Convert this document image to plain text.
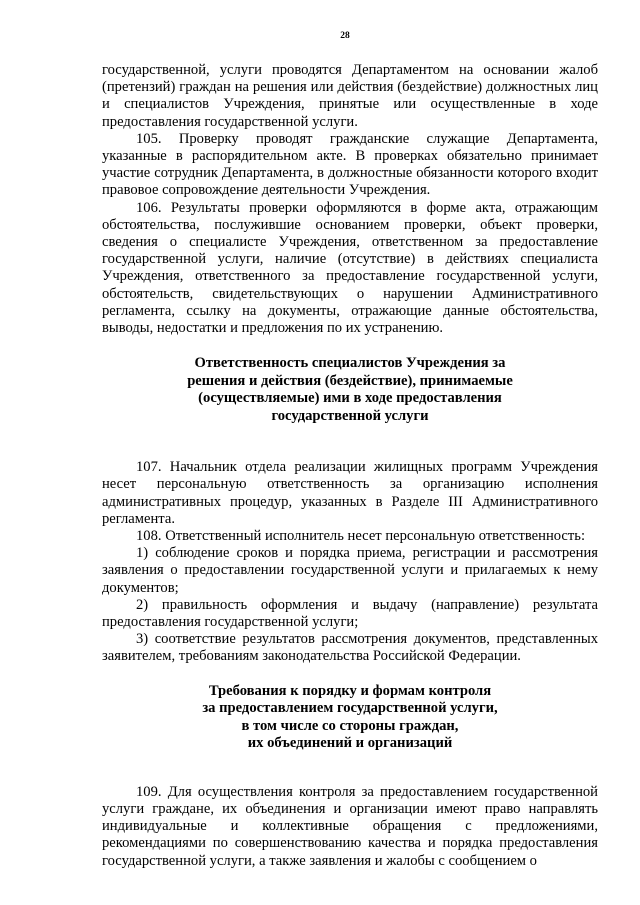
28

государственной, услуги проводятся Департаментом на основании жалоб (претензий) граждан на решения или действия (бездействие) должностных лиц и специалистов Учреждения, принятые или осуществленные в ходе предоставления государственной услуги.

105. Проверку проводят гражданские служащие Департамента, указанные в распорядительном акте. В проверках обязательно принимает участие сотрудник Департамента, в должностные обязанности которого входит правовое сопровождение деятельности Учреждения.

106. Результаты проверки оформляются в форме акта, отражающим обстоятельства, послужившие основанием проверки, объект проверки, сведения о специалисте Учреждения, ответственном за предоставление государственной услуги, наличие (отсутствие) в действиях специалиста Учреждения, ответственного за предоставление государственной услуги, обстоятельств, свидетельствующих о нарушении Административного регламента, ссылку на документы, отражающие данные обстоятельства, выводы, недостатки и предложения по их устранению.

Ответственность специалистов Учреждения за

решения и действия (бездействие), принимаемые

(осуществляемые) ими в ходе предоставления

государственной услуги

107. Начальник отдела реализации жилищных программ Учреждения несет персональную ответственность за организацию исполнения административных процедур, указанных в Разделе III Административного регламента.

108. Ответственный исполнитель несет персональную ответственность:

1) соблюдение сроков и порядка приема, регистрации и рассмотрения заявления о предоставлении государственной услуги и прилагаемых к нему документов;

2) правильность оформления и выдачу (направление) результата предоставления государственной услуги;

3) соответствие результатов рассмотрения документов, представленных заявителем, требованиям законодательства Российской Федерации.

Требования к порядку и формам контроля

за предоставлением государственной услуги,

в том числе со стороны граждан,

их объединений и организаций

109. Для осуществления контроля за предоставлением государственной услуги граждане, их объединения и организации имеют право направлять индивидуальные и коллективные обращения с предложениями, рекомендациями по совершенствованию качества и порядка предоставления государственной услуги, а также заявления и жалобы с сообщением о
